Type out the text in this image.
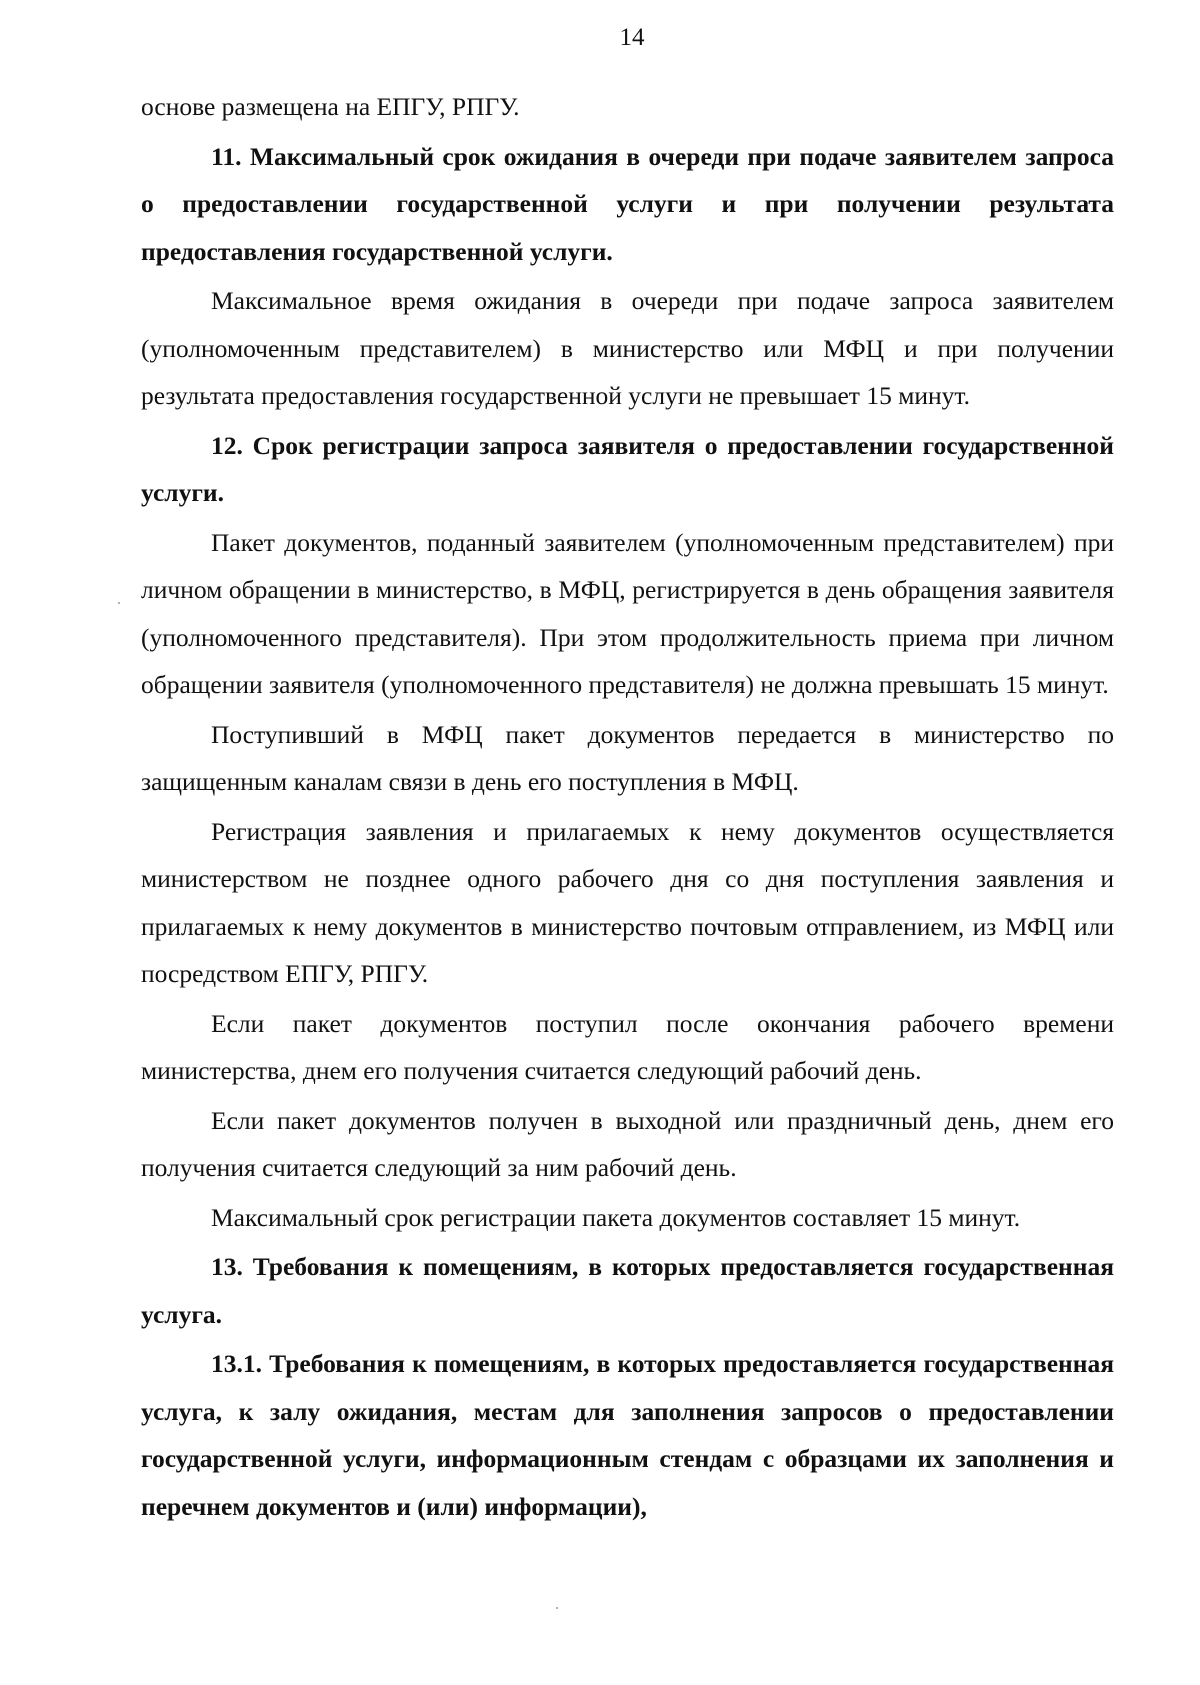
14

основе размещена на ЕПГУ, РПГУ.

11. Максимальный срок ожидания в очереди при подаче заявителем запроса о предоставлении государственной услуги и при получении результата предоставления государственной услуги.

Максимальное время ожидания в очереди при подаче запроса заявителем (уполномоченным представителем) в министерство или МФЦ и при получении результата предоставления государственной услуги не превышает 15 минут.

12. Срок регистрации запроса заявителя о предоставлении государственной услуги.

Пакет документов, поданный заявителем (уполномоченным представителем) при личном обращении в министерство, в МФЦ, регистрируется в день обращения заявителя (уполномоченного представителя). При этом продолжительность приема при личном обращении заявителя (уполномоченного представителя) не должна превышать 15 минут.

Поступивший в МФЦ пакет документов передается в министерство по защищенным каналам связи в день его поступления в МФЦ.

Регистрация заявления и прилагаемых к нему документов осуществляется министерством не позднее одного рабочего дня со дня поступления заявления и прилагаемых к нему документов в министерство почтовым отправлением, из МФЦ или посредством ЕПГУ, РПГУ.

Если пакет документов поступил после окончания рабочего времени министерства, днем его получения считается следующий рабочий день.

Если пакет документов получен в выходной или праздничный день, днем его получения считается следующий за ним рабочий день.

Максимальный срок регистрации пакета документов составляет 15 минут.

13. Требования к помещениям, в которых предоставляется государственная услуга.

13.1. Требования к помещениям, в которых предоставляется государственная услуга, к залу ожидания, местам для заполнения запросов о предоставлении государственной услуги, информационным стендам с образцами их заполнения и перечнем документов и (или) информации),
